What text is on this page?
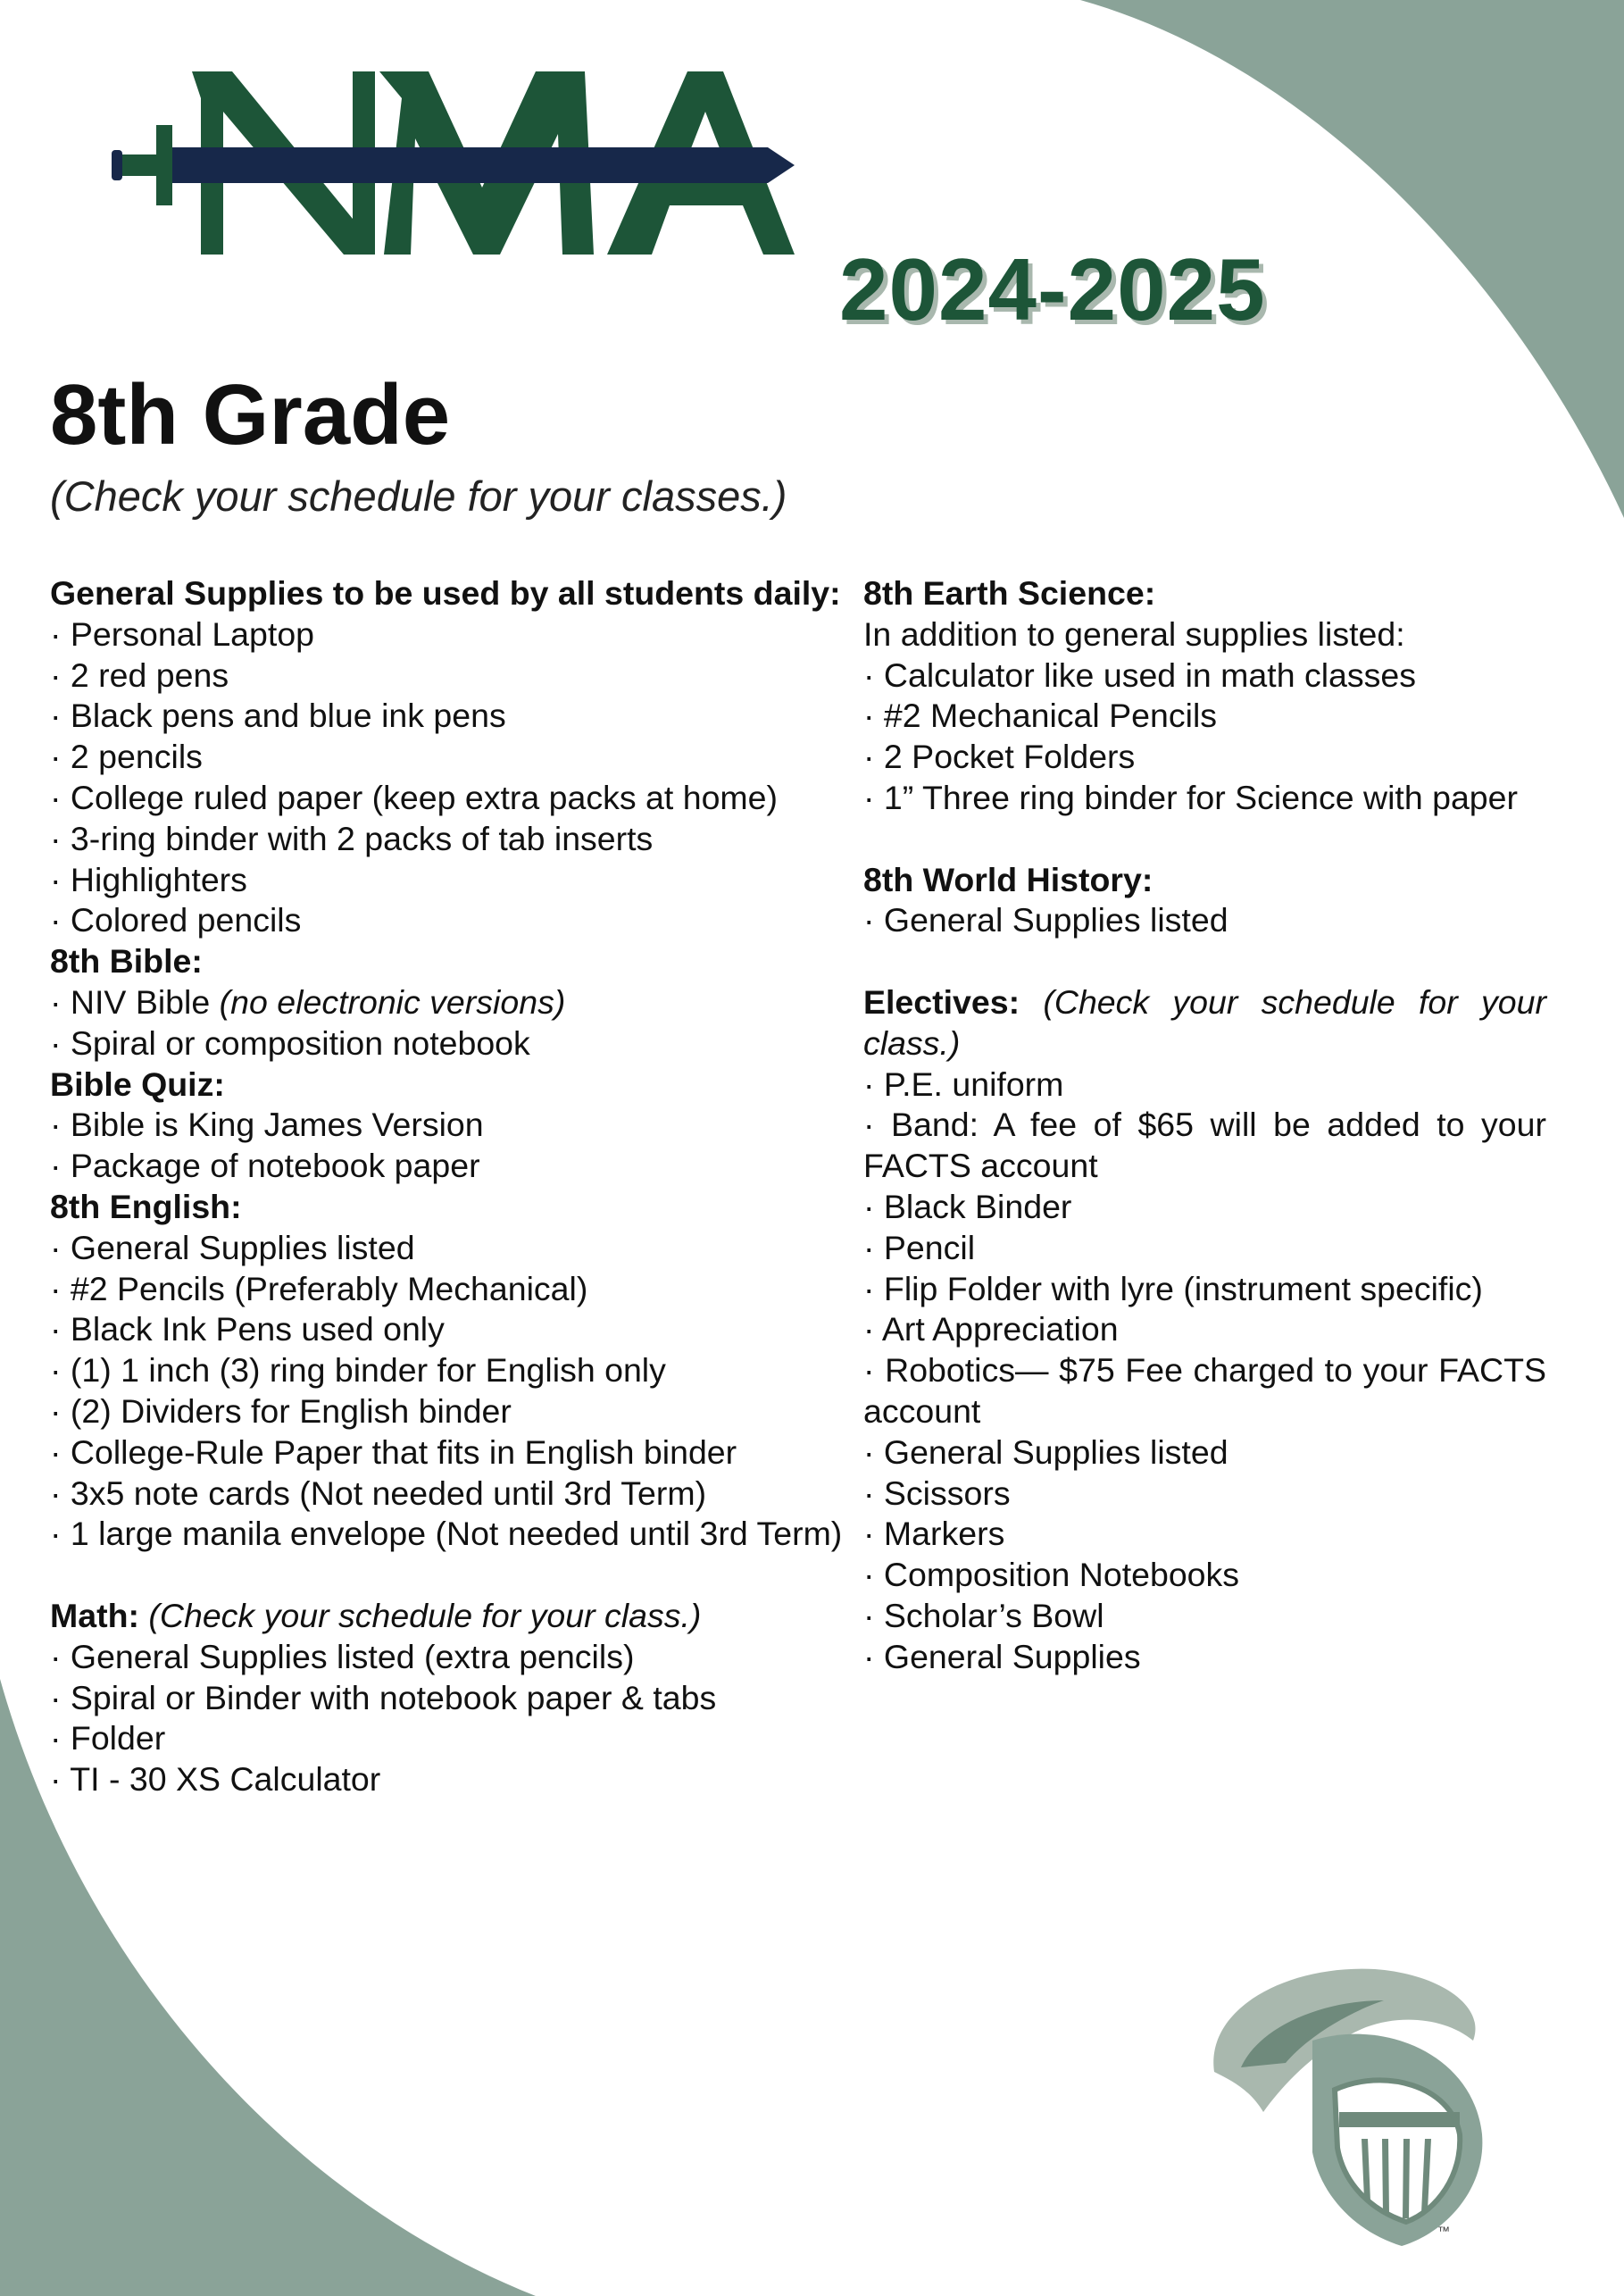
2024-2025
8th Grade
(Check your schedule for your classes.)
General Supplies to be used by all students daily:
· Personal Laptop
· 2 red pens
· Black pens and blue ink pens
· 2 pencils
· College ruled paper (keep extra packs at home)
· 3-ring binder with 2 packs of tab inserts
· Highlighters
· Colored pencils
8th Bible:
· NIV Bible (no electronic versions)
· Spiral or composition notebook
Bible Quiz:
· Bible is King James Version
· Package of notebook paper
8th English:
· General Supplies listed
· #2 Pencils (Preferably Mechanical)
· Black Ink Pens used only
· (1) 1 inch (3) ring binder for English only
· (2) Dividers for English binder
· College-Rule Paper that fits in English binder
· 3x5 note cards (Not needed until 3rd Term)
· 1 large manila envelope (Not needed until 3rd Term)
Math: (Check your schedule for your class.)
· General Supplies listed (extra pencils)
· Spiral or Binder with notebook paper & tabs
· Folder
· TI - 30 XS Calculator
8th Earth Science:
In addition to general supplies listed:
· Calculator like used in math classes
· #2 Mechanical Pencils
· 2 Pocket Folders
· 1” Three ring binder for Science with paper
8th World History:
· General Supplies listed
Electives: (Check your schedule for your class.)
· P.E. uniform
· Band: A fee of $65 will be added to your FACTS account
· Black Binder
· Pencil
· Flip Folder with lyre (instrument specific)
· Art Appreciation
· Robotics— $75 Fee charged to your FACTS account
· General Supplies listed
· Scissors
· Markers
· Composition Notebooks
· Scholar’s Bowl
· General Supplies
™
